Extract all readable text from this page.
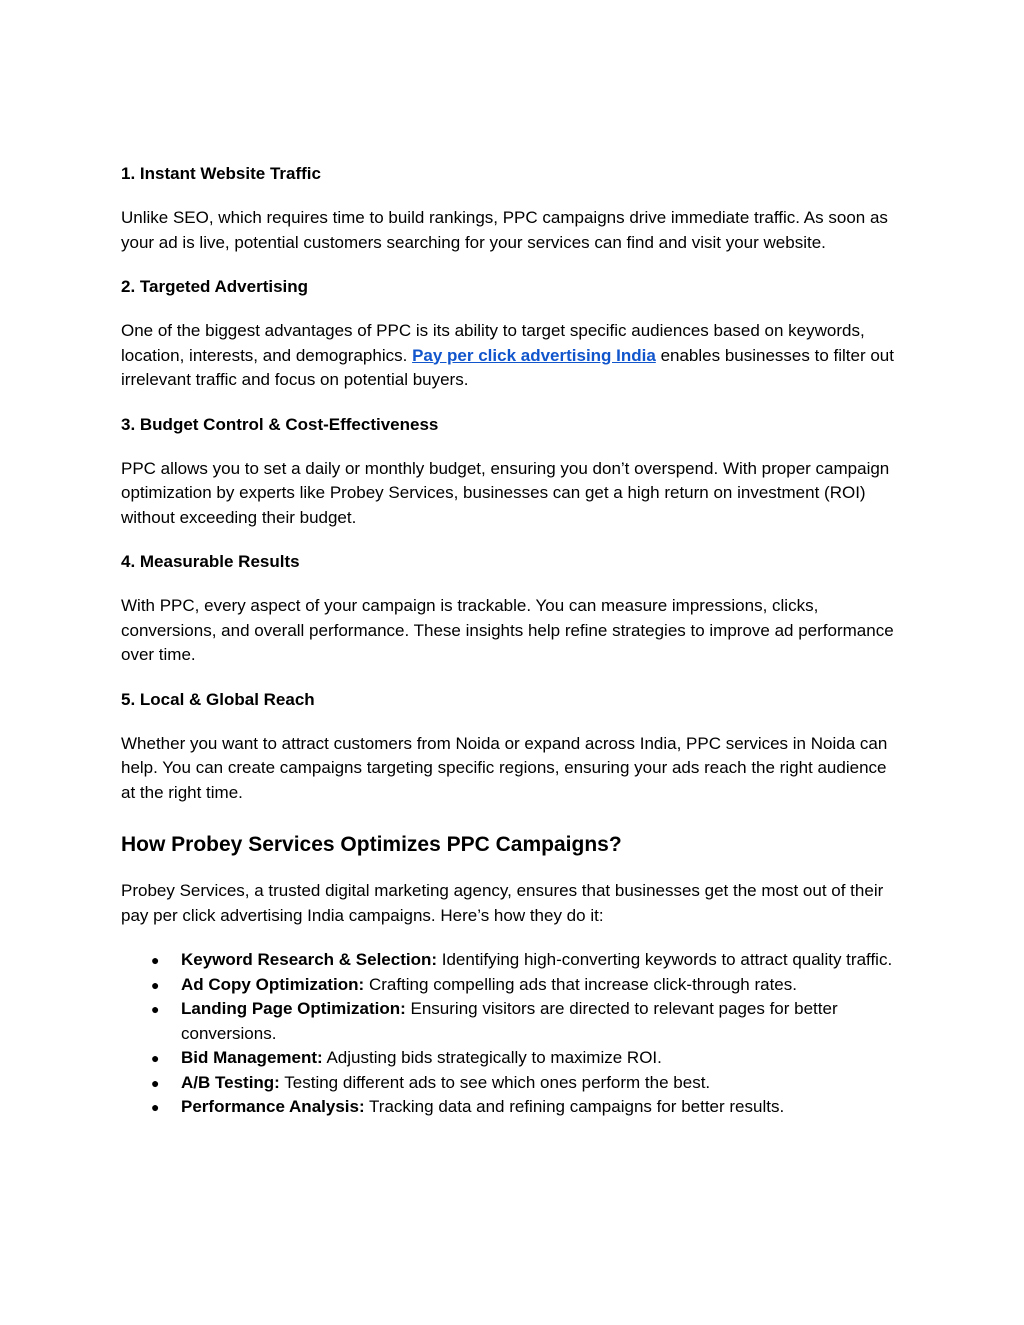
1. Instant Website Traffic

Unlike SEO, which requires time to build rankings, PPC campaigns drive immediate traffic. As soon as your ad is live, potential customers searching for your services can find and visit your website.

2. Targeted Advertising

One of the biggest advantages of PPC is its ability to target specific audiences based on keywords, location, interests, and demographics. Pay per click advertising India enables businesses to filter out irrelevant traffic and focus on potential buyers.

3. Budget Control & Cost-Effectiveness

PPC allows you to set a daily or monthly budget, ensuring you don’t overspend. With proper campaign optimization by experts like Probey Services, businesses can get a high return on investment (ROI) without exceeding their budget.

4. Measurable Results

With PPC, every aspect of your campaign is trackable. You can measure impressions, clicks, conversions, and overall performance. These insights help refine strategies to improve ad performance over time.

5. Local & Global Reach

Whether you want to attract customers from Noida or expand across India, PPC services in Noida can help. You can create campaigns targeting specific regions, ensuring your ads reach the right audience at the right time.

How Probey Services Optimizes PPC Campaigns?

Probey Services, a trusted digital marketing agency, ensures that businesses get the most out of their pay per click advertising India campaigns. Here’s how they do it:

● Keyword Research & Selection: Identifying high-converting keywords to attract quality traffic.
● Ad Copy Optimization: Crafting compelling ads that increase click-through rates.
● Landing Page Optimization: Ensuring visitors are directed to relevant pages for better conversions.
● Bid Management: Adjusting bids strategically to maximize ROI.
● A/B Testing: Testing different ads to see which ones perform the best.
● Performance Analysis: Tracking data and refining campaigns for better results.
